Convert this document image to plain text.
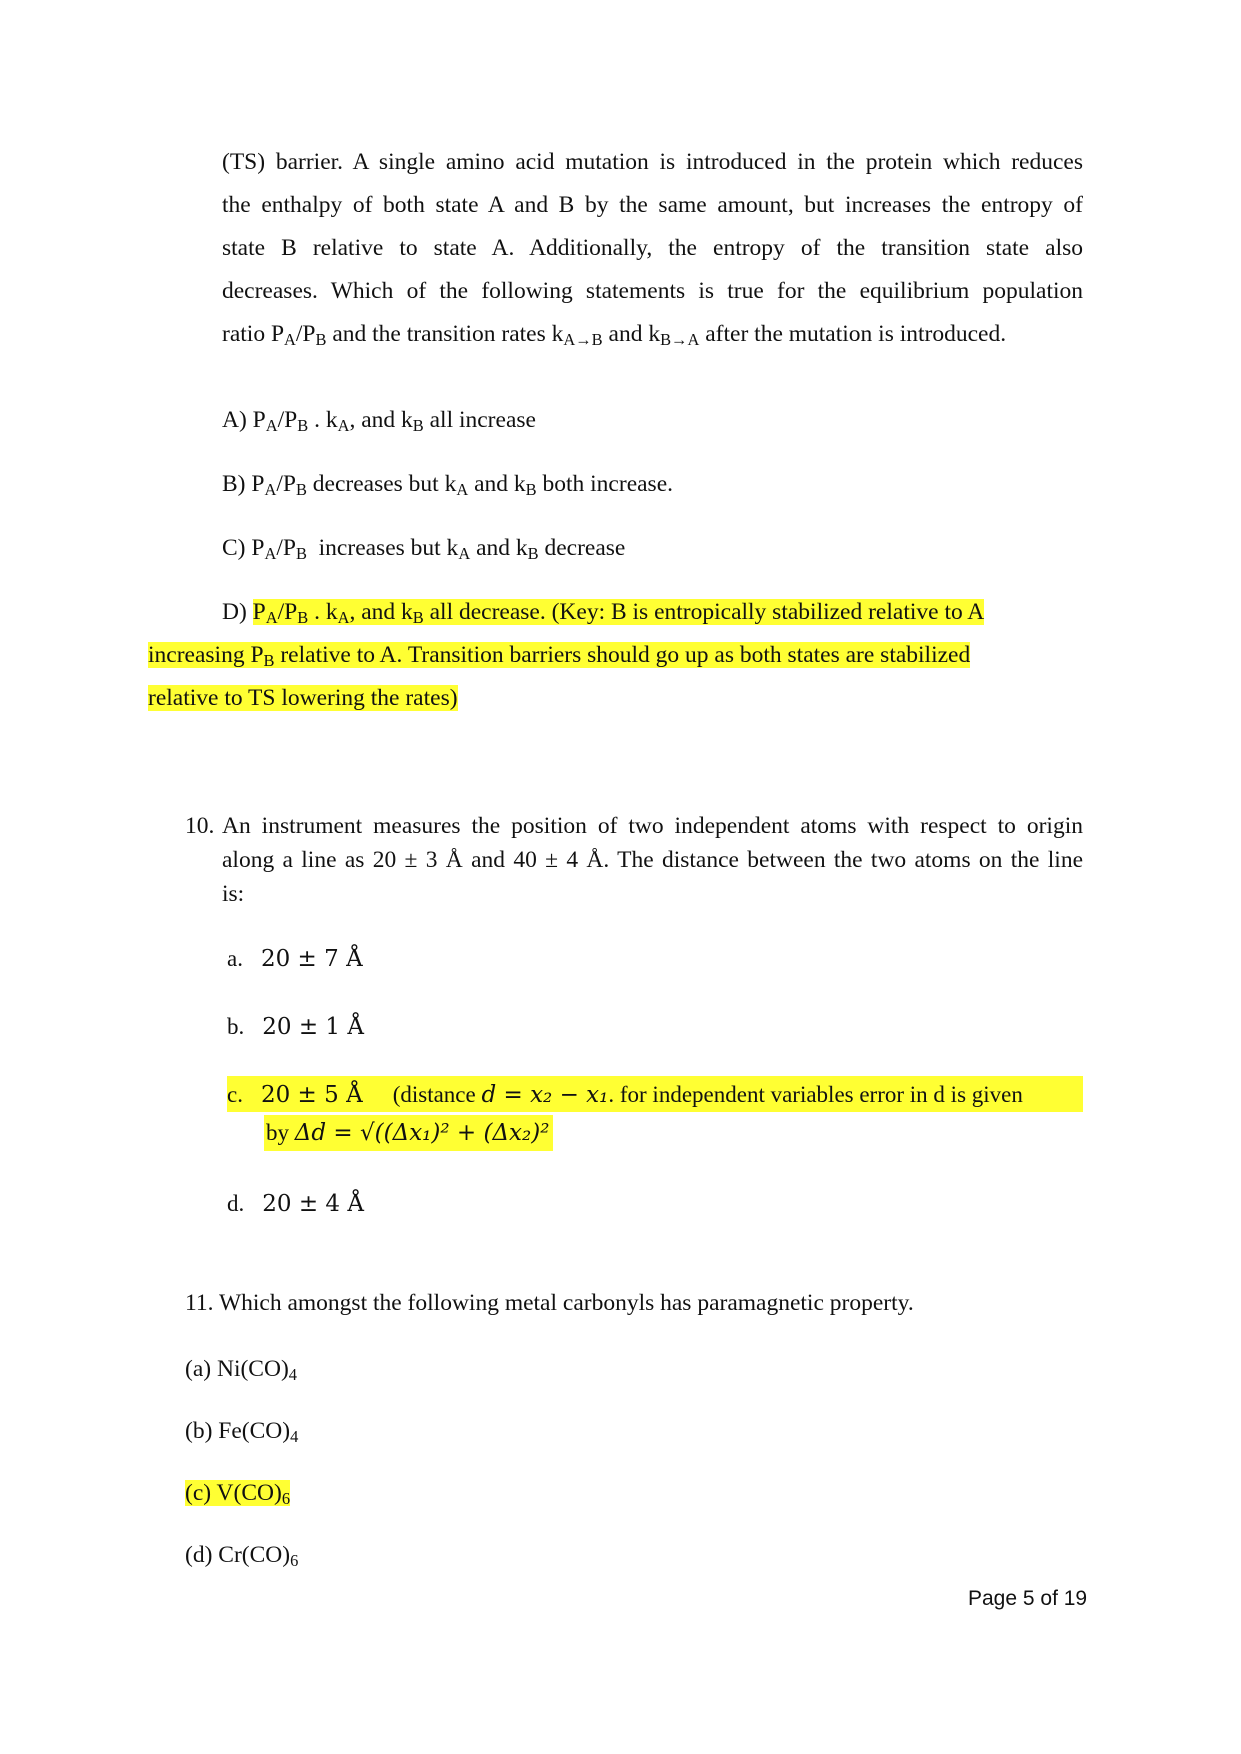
(TS) barrier. A single amino acid mutation is introduced in the protein which reduces
the enthalpy of both state A and B by the same amount, but increases the entropy of
state B relative to state A. Additionally, the entropy of the transition state also
decreases. Which of the following statements is true for the equilibrium population
ratio $P_A/P_B$ and the transition rates $k_{A\to B}$ and $k_{B\to A}$ after the mutation is introduced.
A) $P_A/P_B$ . $k_A$, and $k_B$ all increase
B) $P_A/P_B$ decreases but $k_A$ and $k_B$ both increase.
C) $P_A/P_B$  increases but $k_A$ and $k_B$ decrease
D) $P_A/P_B$ . $k_A$, and $k_B$ all decrease. (Key: B is entropically stabilized relative to A
increasing $P_B$ relative to A. Transition barriers should go up as both states are stabilized
relative to TS lowering the rates)
10. An instrument measures the position of two independent atoms with respect to origin
along a line as 20 ± 3 Å and 40 ± 4 Å. The distance between the two atoms on the line
is:
a. 20 ± 7 Å
b. 20 ± 1 Å
c. 20 ± 5 Å (distance d = x₂ − x₁. for independent variables error in d is given
by Δd = √((Δx₁)² + (Δx₂)²
d. 20 ± 4 Å
11. Which amongst the following metal carbonyls has paramagnetic property.
(a) $Ni(CO)_4$
(b) $Fe(CO)_4$
(c) $V(CO)_6$
(d) $Cr(CO)_6$
Page 5 of 19
